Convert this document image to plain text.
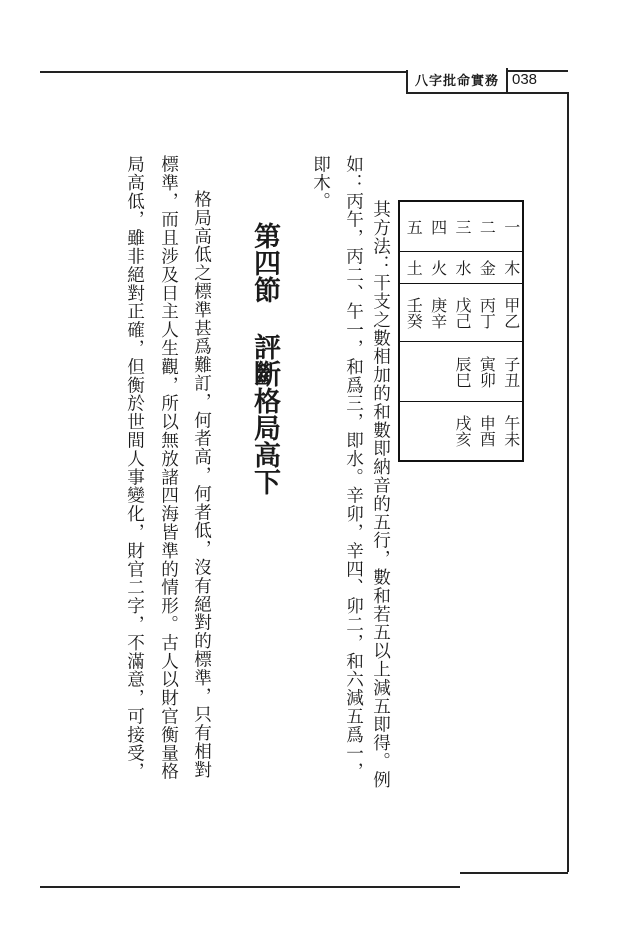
八字批命實務 038
一
二
三
四
五
木
金
水
火
土
甲乙
丙丁
戊己
庚辛
壬癸
子丑
寅卯
辰巳
午未
申酉
戌亥
其方法：干支之數相加的和數即納音的五行，數和若五以上減五即得。例
如：丙午，丙二、午一，和爲三，即水。辛卯，辛四、卯二，和六減五爲一，
即木。
第四節評斷格局高下
格局高低之標準甚爲難訂，何者高，何者低，沒有絕對的標準，只有相對
標準，而且涉及日主人生觀，所以無放諸四海皆準的情形。古人以財官衡量格
局高低，雖非絕對正確，但衡於世間人事變化，財官二字，不滿意，可接受，
